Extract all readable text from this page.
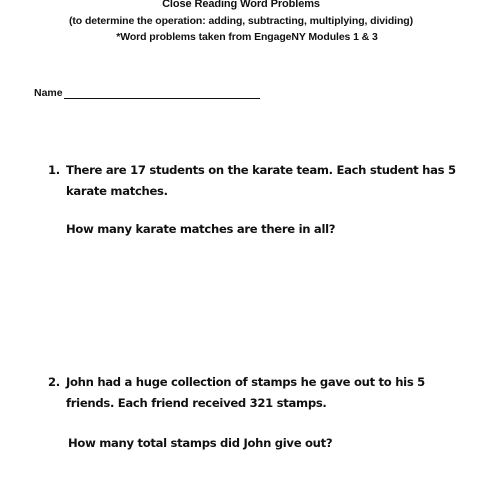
Close Reading Word Problems
(to determine the operation: adding, subtracting, multiplying, dividing)
*Word problems taken from EngageNY Modules 1 & 3
Name
1. There are 17 students on the karate team. Each student has 5 karate matches.
How many karate matches are there in all?
2. John had a huge collection of stamps he gave out to his 5 friends. Each friend received 321 stamps.
How many total stamps did John give out?
